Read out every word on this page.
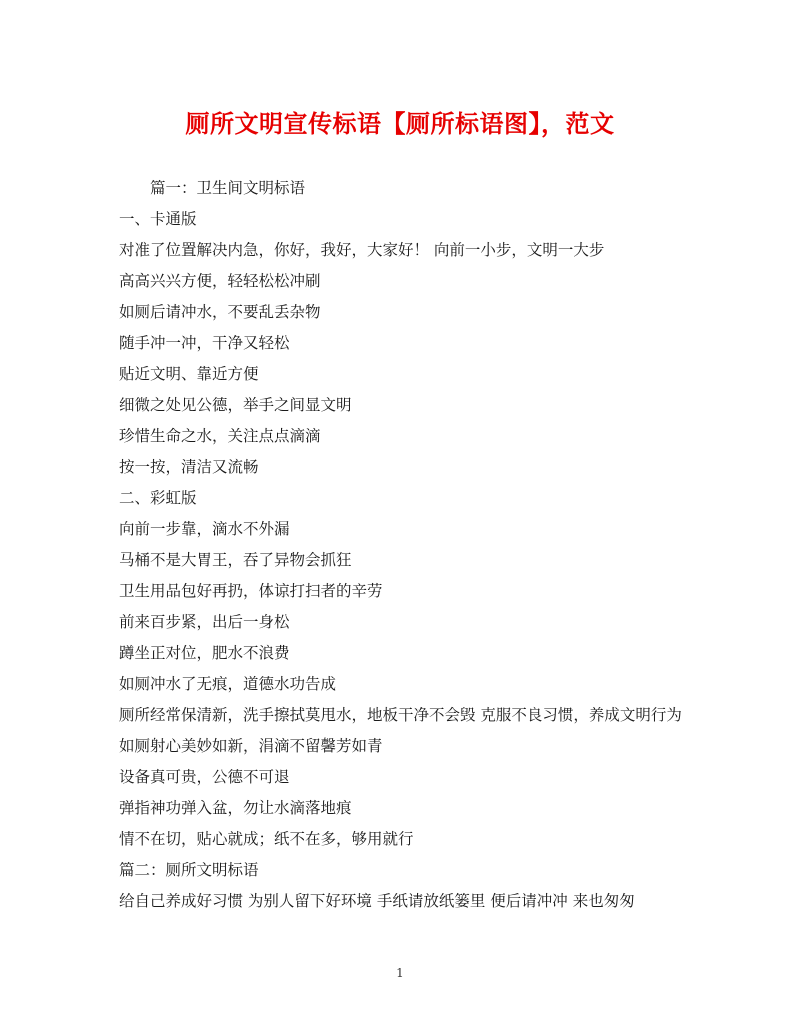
厕所文明宣传标语【厕所标语图】，范文
篇一：卫生间文明标语
一、卡通版
对准了位置解决内急，你好，我好，大家好！ 向前一小步，文明一大步
高高兴兴方便，轻轻松松冲刷
如厕后请冲水，不要乱丢杂物
随手冲一冲，干净又轻松
贴近文明、靠近方便
细微之处见公德，举手之间显文明
珍惜生命之水，关注点点滴滴
按一按，清洁又流畅
二、彩虹版
向前一步靠，滴水不外漏
马桶不是大胃王，吞了异物会抓狂
卫生用品包好再扔，体谅打扫者的辛劳
前来百步紧，出后一身松
蹲坐正对位，肥水不浪费
如厕冲水了无痕，道德水功告成
厕所经常保清新，洗手擦拭莫甩水，地板干净不会毁 克服不良习惯，养成文明行为
如厕射心美妙如新，涓滴不留馨芳如青
设备真可贵，公德不可退
弹指神功弹入盆，勿让水滴落地痕
情不在切，贴心就成；纸不在多，够用就行
篇二：厕所文明标语
给自己养成好习惯 为别人留下好环境 手纸请放纸篓里 便后请冲冲 来也匆匆
1
